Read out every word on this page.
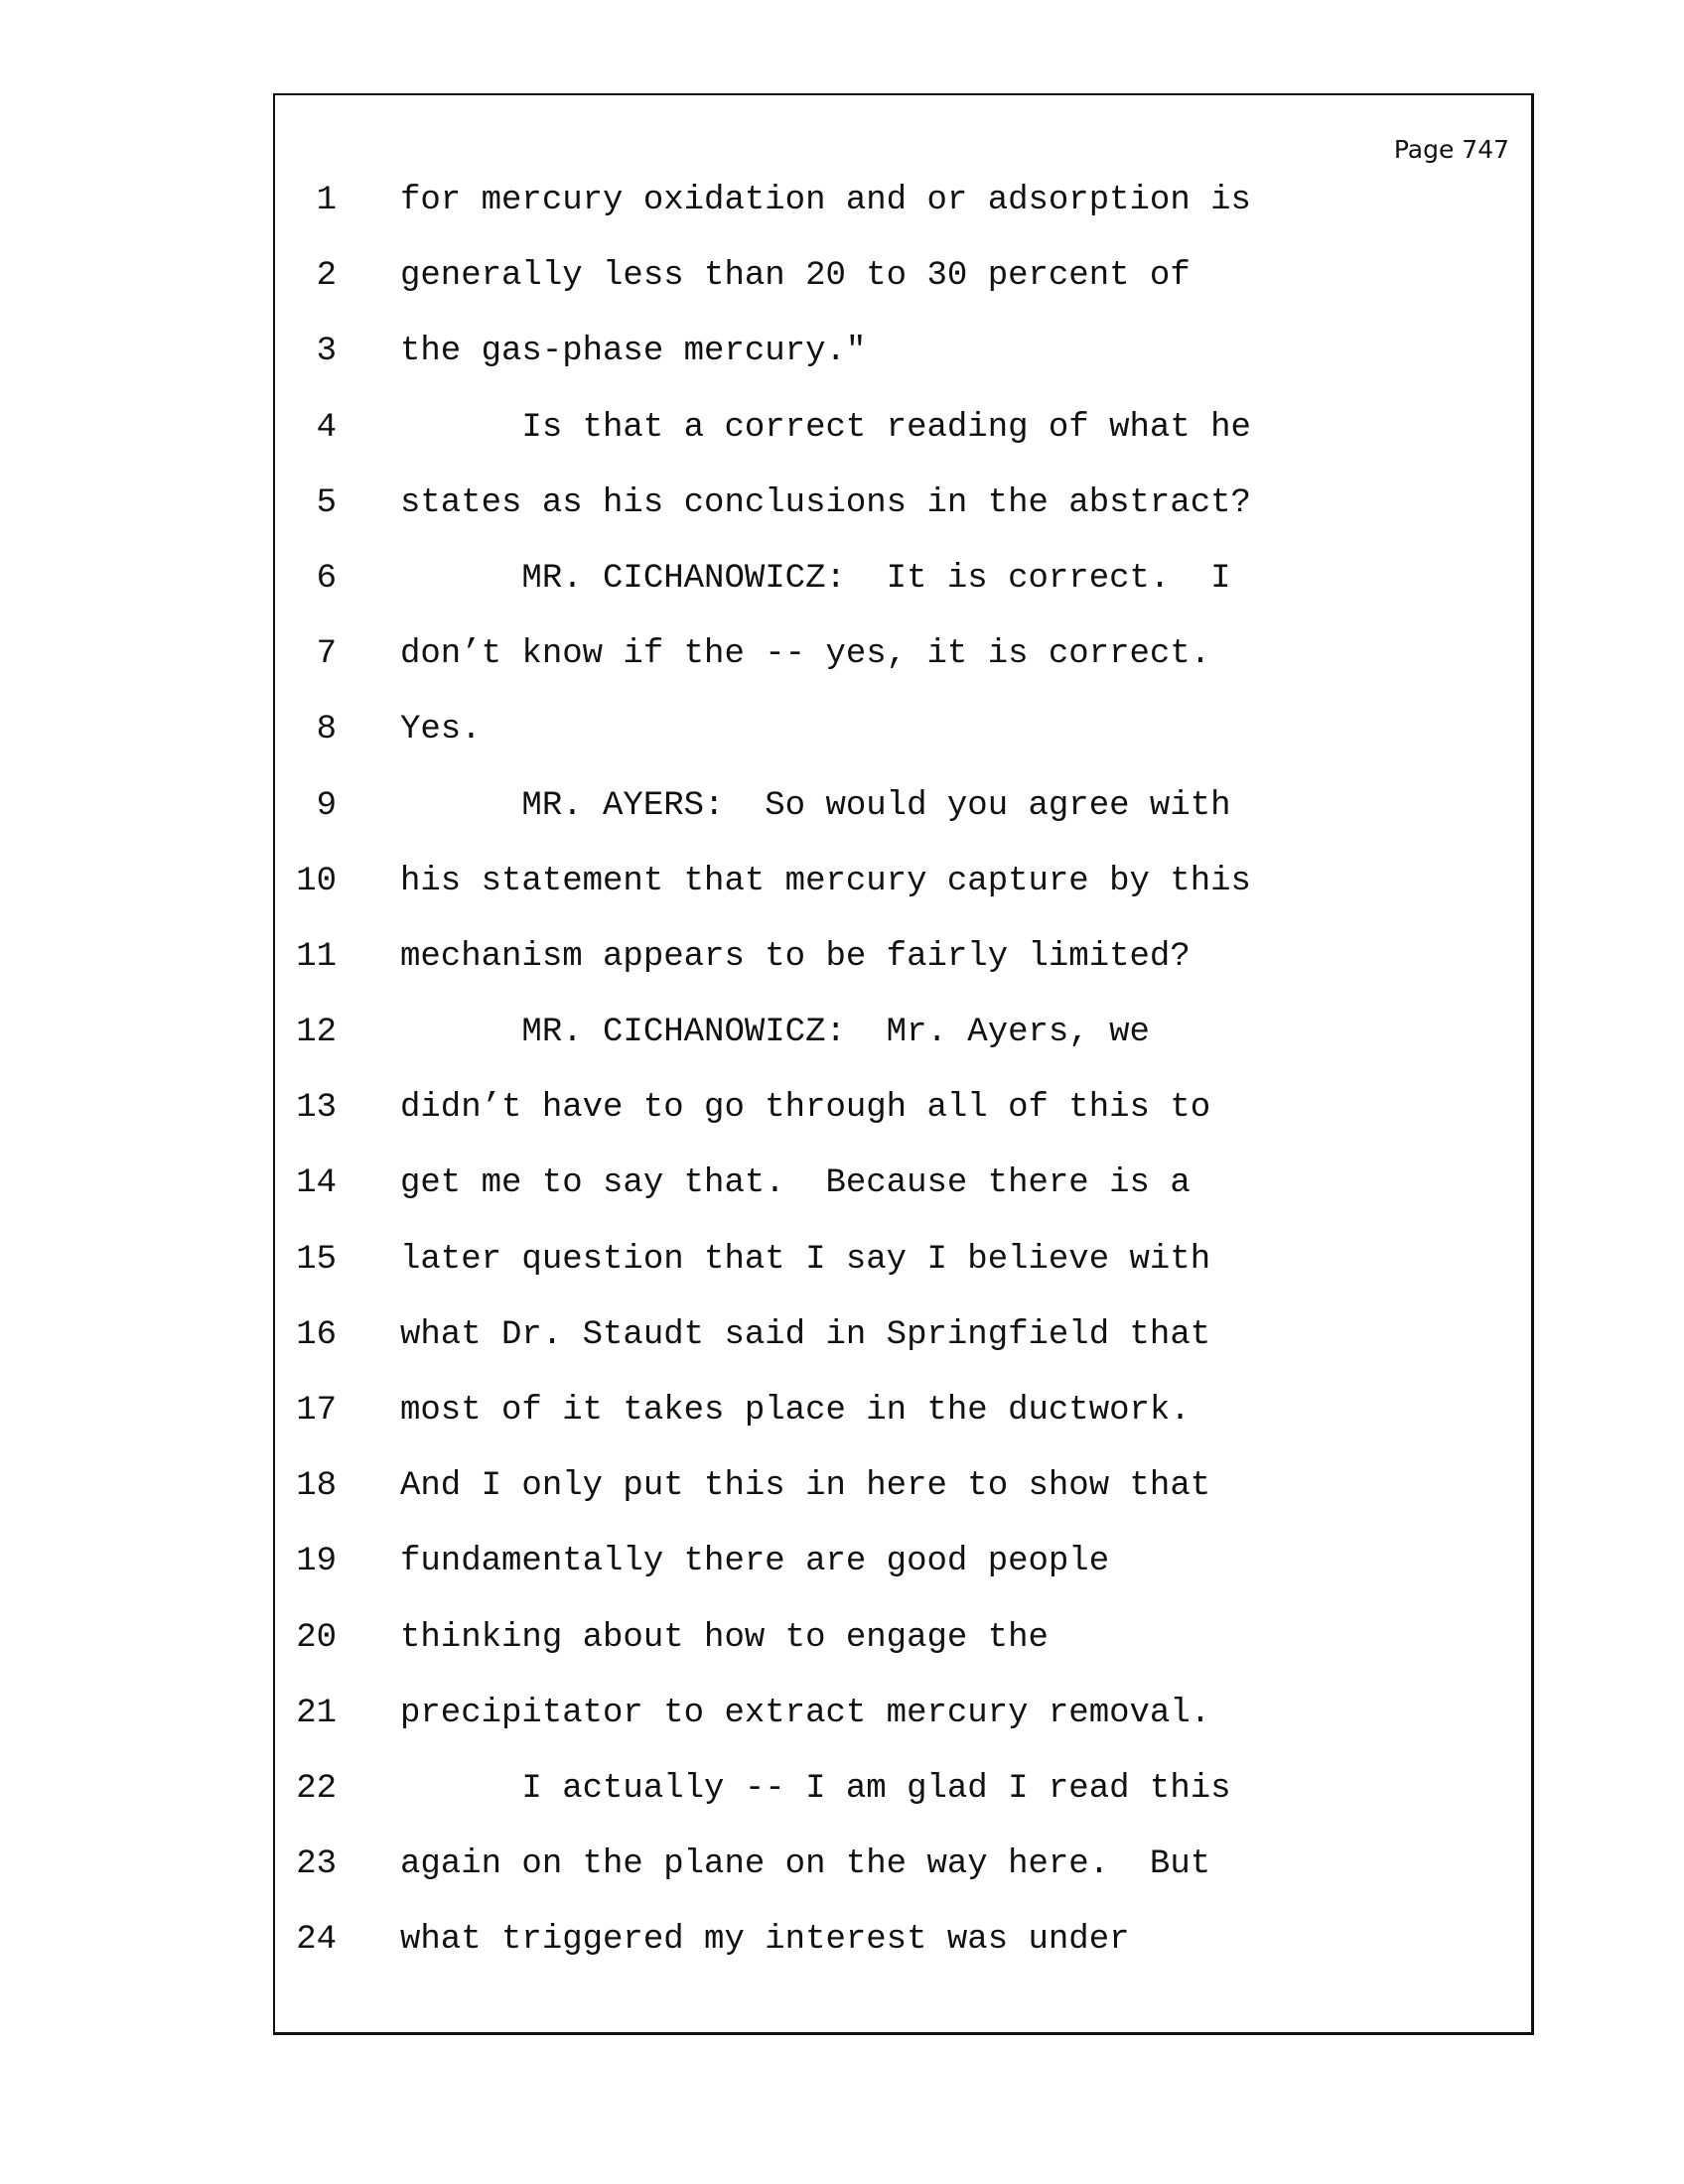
Page 747
1 for mercury oxidation and or adsorption is
2 generally less than 20 to 30 percent of
3 the gas-phase mercury."
4 Is that a correct reading of what he
5 states as his conclusions in the abstract?
6 MR. CICHANOWICZ:  It is correct.  I
7 don’t know if the -- yes, it is correct.
8 Yes.
9 MR. AYERS:  So would you agree with
10 his statement that mercury capture by this
11 mechanism appears to be fairly limited?
12 MR. CICHANOWICZ:  Mr. Ayers, we
13 didn’t have to go through all of this to
14 get me to say that.  Because there is a
15 later question that I say I believe with
16 what Dr. Staudt said in Springfield that
17 most of it takes place in the ductwork.
18 And I only put this in here to show that
19 fundamentally there are good people
20 thinking about how to engage the
21 precipitator to extract mercury removal.
22 I actually -- I am glad I read this
23 again on the plane on the way here.  But
24 what triggered my interest was under
